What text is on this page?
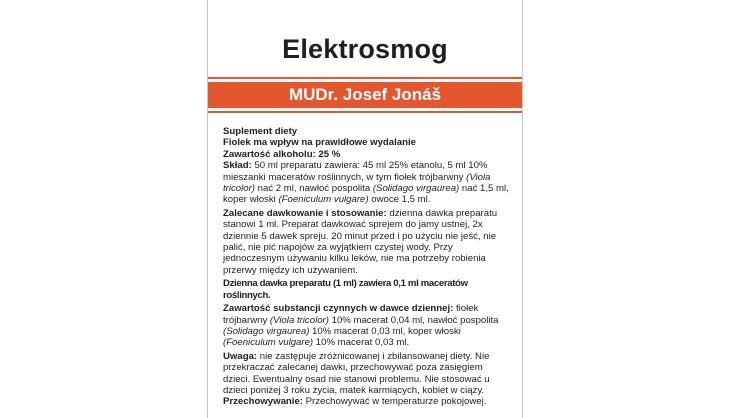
Elektrosmog
MUDr. Josef Jonáš

Suplement diety

Fiolek ma wpływ na prawidłowe wydalanie

Zawartość alkoholu: 25 %

Skład: 50 ml preparatu zawiera: 45 ml 25% etanolu, 5 ml 10% mieszanki maceratów roślinnych, w tym fiołek trójbarwny (Viola tricolor) nać 2 ml, nawłoć pospolita (Solidago virgaurea) nać 1,5 ml, koper włoski (Foeniculum vulgare) owoce 1,5 ml.

Zalecane dawkowanie i stosowanie: dzienna dawka preparatu stanowi 1 ml. Preparat dawkować sprejem do jamy ustnej, 2x dziennie 5 dawek spreju. 20 minut przed i po użyciu nie jeść, nie palić, nie pić napojów za wyjątkiem czystej wody. Przy jednoczesnym używaniu kilku leków, nie ma potrzeby robienia przerwy między ich używaniem.

Dzienna dawka preparatu (1 ml) zawiera 0,1 ml maceratów roślinnych.

Zawartość substancji czynnych w dawce dziennej: fiołek trójbarwny (Viola tricolor) 10% macerat 0,04 ml, nawłoć pospolita (Solidago virgaurea) 10% macerat 0,03 ml, koper włoski (Foeniculum vulgare) 10% macerat 0,03 ml.

Uwaga: nie zastępuje zróżnicowanej i zbilansowanej diety. Nie przekraczać zalecanej dawki, przechowywać poza zasięgiem dzieci. Ewentualny osad nie stanowi problemu. Nie stosować u dzieci poniżej 3 roku życia, matek karmiących, kobiet w ciąży.

Przechowywanie: Przechowywać w temperaturze pokojowej.
